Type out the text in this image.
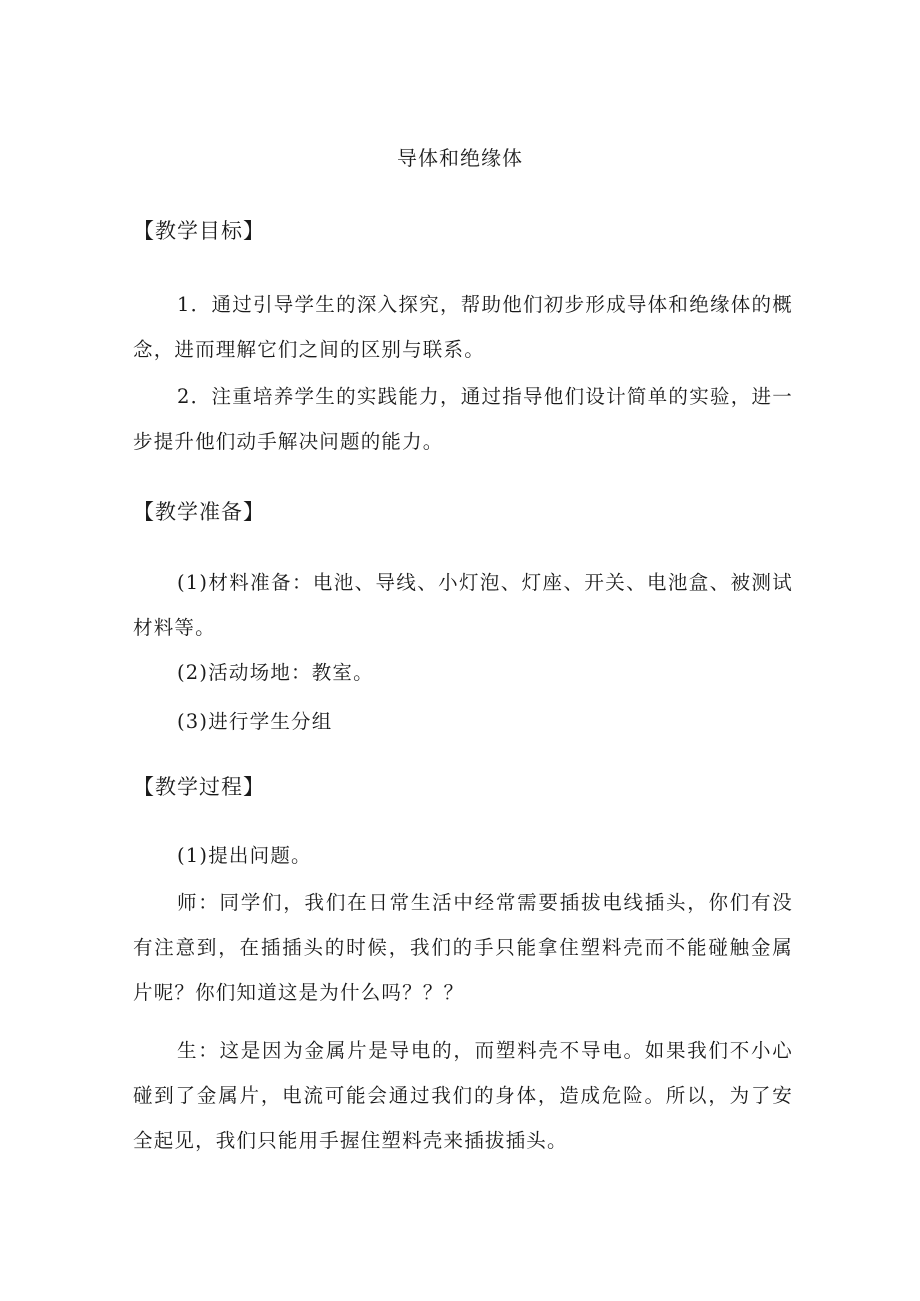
导体和绝缘体
【教学目标】
1．通过引导学生的深入探究，帮助他们初步形成导体和绝缘体的概念，进而理解它们之间的区别与联系。
2．注重培养学生的实践能力，通过指导他们设计简单的实验，进一步提升他们动手解决问题的能力。
【教学准备】
(1)材料准备：电池、导线、小灯泡、灯座、开关、电池盒、被测试材料等。
(2)活动场地：教室。
(3)进行学生分组
【教学过程】
(1)提出问题。
师：同学们，我们在日常生活中经常需要插拔电线插头，你们有没有注意到，在插插头的时候，我们的手只能拿住塑料壳而不能碰触金属片呢？你们知道这是为什么吗？？？
生：这是因为金属片是导电的，而塑料壳不导电。如果我们不小心碰到了金属片，电流可能会通过我们的身体，造成危险。所以，为了安全起见，我们只能用手握住塑料壳来插拔插头。
